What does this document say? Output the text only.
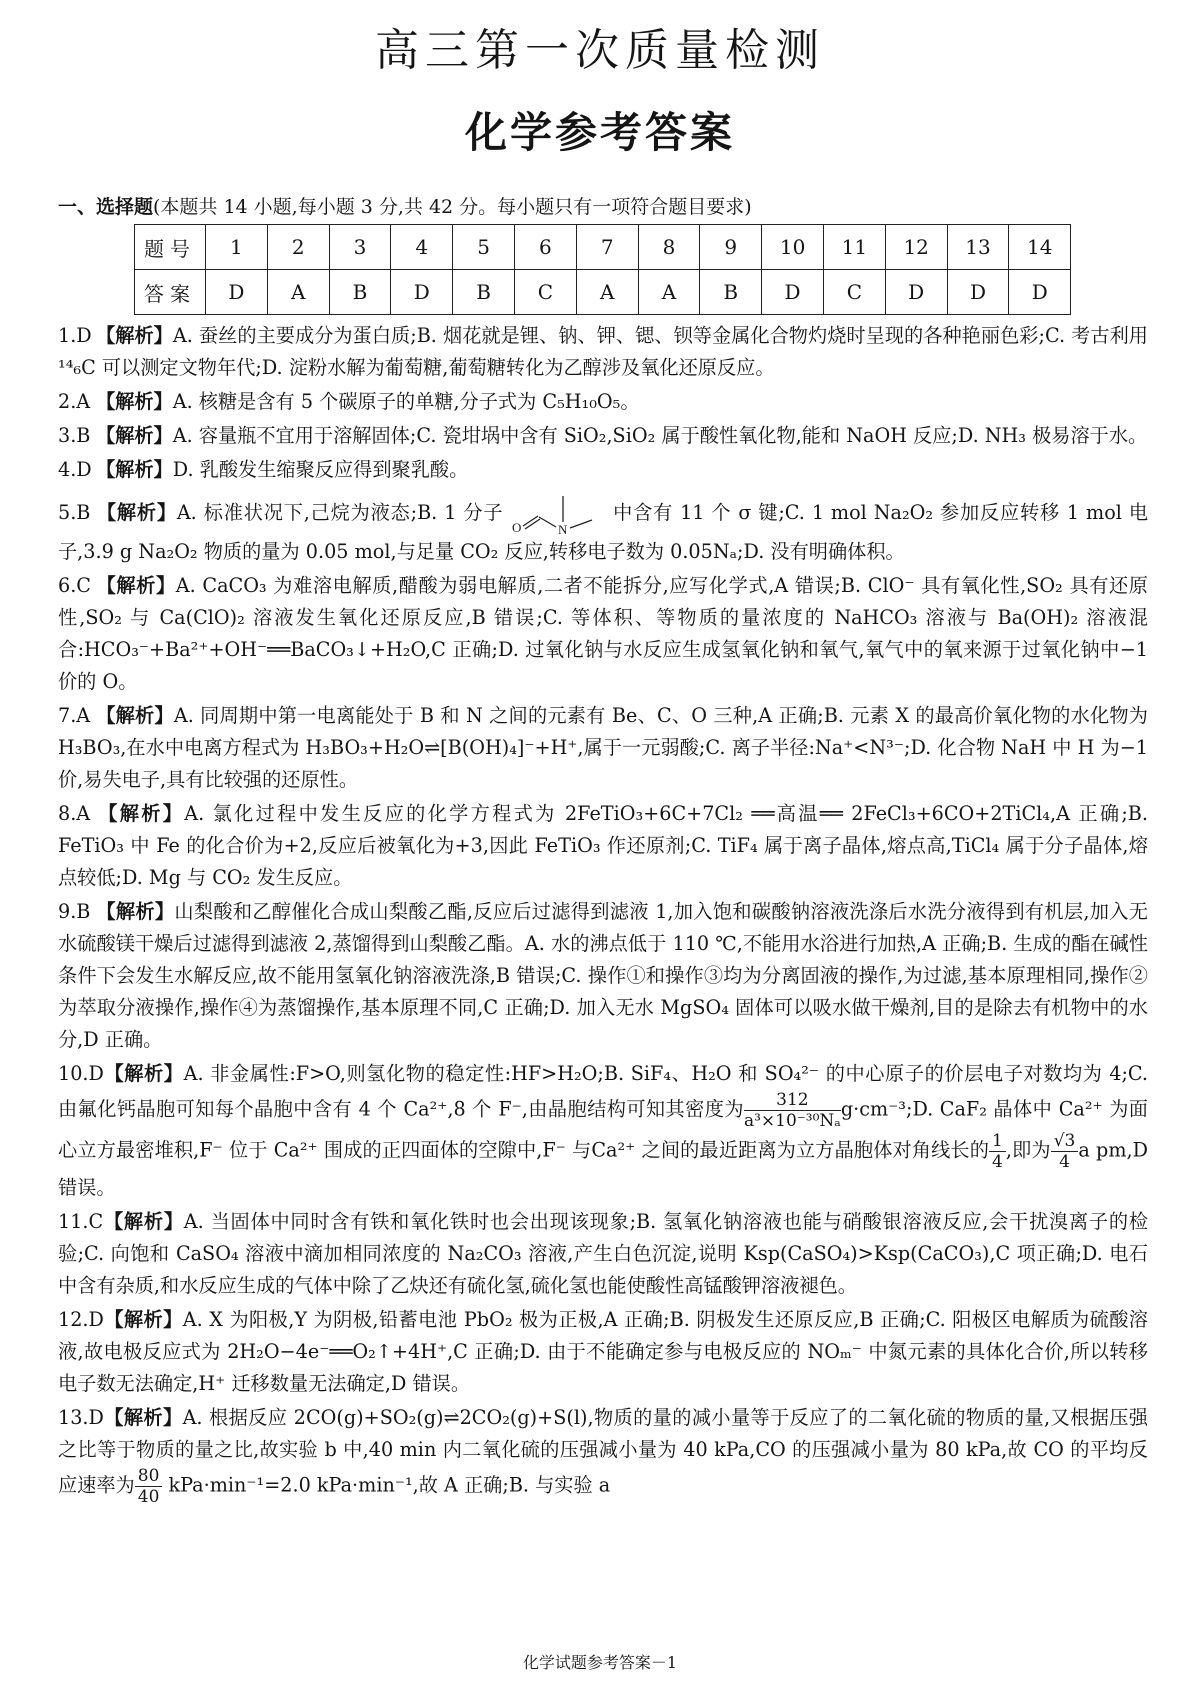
高三第一次质量检测
化学参考答案
一、选择题(本题共 14 小题,每小题 3 分,共 42 分。每小题只有一项符合题目要求)
题号	1	2	3	4	5	6	7	8	9	10	11	12	13	14
答案	D	A	B	D	B	C	A	A	B	D	C	D	D	D
1.D 【解析】A. 蚕丝的主要成分为蛋白质;B. 烟花就是锂、钠、钾、锶、钡等金属化合物灼烧时呈现的各种艳丽色彩;C. 考古利用 ¹⁴₆C 可以测定文物年代;D. 淀粉水解为葡萄糖,葡萄糖转化为乙醇涉及氧化还原反应。
2.A 【解析】A. 核糖是含有 5 个碳原子的单糖,分子式为 C₅H₁₀O₅。
3.B 【解析】A. 容量瓶不宜用于溶解固体;C. 瓷坩埚中含有 SiO₂,SiO₂ 属于酸性氧化物,能和 NaOH 反应;D. NH₃ 极易溶于水。
4.D 【解析】D. 乳酸发生缩聚反应得到聚乳酸。
5.B 【解析】A. 标准状况下,己烷为液态;B. 1 分子
O	N
中含有 11 个 σ 键;C. 1 mol Na₂O₂ 参加反应转移 1 mol 电子,3.9 g Na₂O₂ 物质的量为 0.05 mol,与足量 CO₂ 反应,转移电子数为 0.05Nₐ;D. 没有明确体积。
6.C 【解析】A. CaCO₃ 为难溶电解质,醋酸为弱电解质,二者不能拆分,应写化学式,A 错误;B. ClO⁻ 具有氧化性,SO₂ 具有还原性,SO₂ 与 Ca(ClO)₂ 溶液发生氧化还原反应,B 错误;C. 等体积、等物质的量浓度的 NaHCO₃ 溶液与 Ba(OH)₂ 溶液混合:HCO₃⁻+Ba²⁺+OH⁻══BaCO₃↓+H₂O,C 正确;D. 过氧化钠与水反应生成氢氧化钠和氧气,氧气中的氧来源于过氧化钠中−1 价的 O。
7.A 【解析】A. 同周期中第一电离能处于 B 和 N 之间的元素有 Be、C、O 三种,A 正确;B. 元素 X 的最高价氧化物的水化物为 H₃BO₃,在水中电离方程式为 H₃BO₃+H₂O⇌[B(OH)₄]⁻+H⁺,属于一元弱酸;C. 离子半径:Na⁺<N³⁻;D. 化合物 NaH 中 H 为−1 价,易失电子,具有比较强的还原性。
8.A 【解析】A. 氯化过程中发生反应的化学方程式为 2FeTiO₃+6C+7Cl₂ ══高温══ 2FeCl₃+6CO+2TiCl₄,A 正确;B. FeTiO₃ 中 Fe 的化合价为+2,反应后被氧化为+3,因此 FeTiO₃ 作还原剂;C. TiF₄ 属于离子晶体,熔点高,TiCl₄ 属于分子晶体,熔点较低;D. Mg 与 CO₂ 发生反应。
9.B 【解析】山梨酸和乙醇催化合成山梨酸乙酯,反应后过滤得到滤液 1,加入饱和碳酸钠溶液洗涤后水洗分液得到有机层,加入无水硫酸镁干燥后过滤得到滤液 2,蒸馏得到山梨酸乙酯。A. 水的沸点低于 110 ℃,不能用水浴进行加热,A 正确;B. 生成的酯在碱性条件下会发生水解反应,故不能用氢氧化钠溶液洗涤,B 错误;C. 操作①和操作③均为分离固液的操作,为过滤,基本原理相同,操作②为萃取分液操作,操作④为蒸馏操作,基本原理不同,C 正确;D. 加入无水 MgSO₄ 固体可以吸水做干燥剂,目的是除去有机物中的水分,D 正确。
10.D【解析】A. 非金属性:F>O,则氢化物的稳定性:HF>H₂O;B. SiF₄、H₂O 和 SO₄²⁻ 的中心原子的价层电子对数均为 4;C. 由氟化钙晶胞可知每个晶胞中含有 4 个 Ca²⁺,8 个 F⁻,由晶胞结构可知其密度为 $\frac{312}{\text{a³×10⁻³⁰Nₐ}}$ g·cm⁻³;D. CaF₂ 晶体中 Ca²⁺ 为面心立方最密堆积,F⁻ 位于 Ca²⁺ 围成的正四面体的空隙中,F⁻ 与Ca²⁺ 之间的最近距离为立方晶胞体对角线长的 $\frac{1}{4}$ ,即为 $\frac{√3}{4}$ a pm,D 错误。
11.C【解析】A. 当固体中同时含有铁和氧化铁时也会出现该现象;B. 氢氧化钠溶液也能与硝酸银溶液反应,会干扰溴离子的检验;C. 向饱和 CaSO₄ 溶液中滴加相同浓度的 Na₂CO₃ 溶液,产生白色沉淀,说明 Ksp(CaSO₄)>Ksp(CaCO₃),C 项正确;D. 电石中含有杂质,和水反应生成的气体中除了乙炔还有硫化氢,硫化氢也能使酸性高锰酸钾溶液褪色。
12.D【解析】A. X 为阳极,Y 为阴极,铅蓄电池 PbO₂ 极为正极,A 正确;B. 阴极发生还原反应,B 正确;C. 阳极区电解质为硫酸溶液,故电极反应式为 2H₂O−4e⁻══O₂↑+4H⁺,C 正确;D. 由于不能确定参与电极反应的 NOₘ⁻ 中氮元素的具体化合价,所以转移电子数无法确定,H⁺ 迁移数量无法确定,D 错误。
13.D【解析】A. 根据反应 2CO(g)+SO₂(g)⇌2CO₂(g)+S(l),物质的量的减小量等于反应了的二氧化硫的物质的量,又根据压强之比等于物质的量之比,故实验 b 中,40 min 内二氧化硫的压强减小量为 40 kPa,CO 的压强减小量为 80 kPa,故 CO 的平均反应速率为 $\frac{80}{40} kPa\cdot\min^{-1}=2.0$ kPa·min⁻¹,故 A 正确;B. 与实验 a
化学试题参考答案－1
